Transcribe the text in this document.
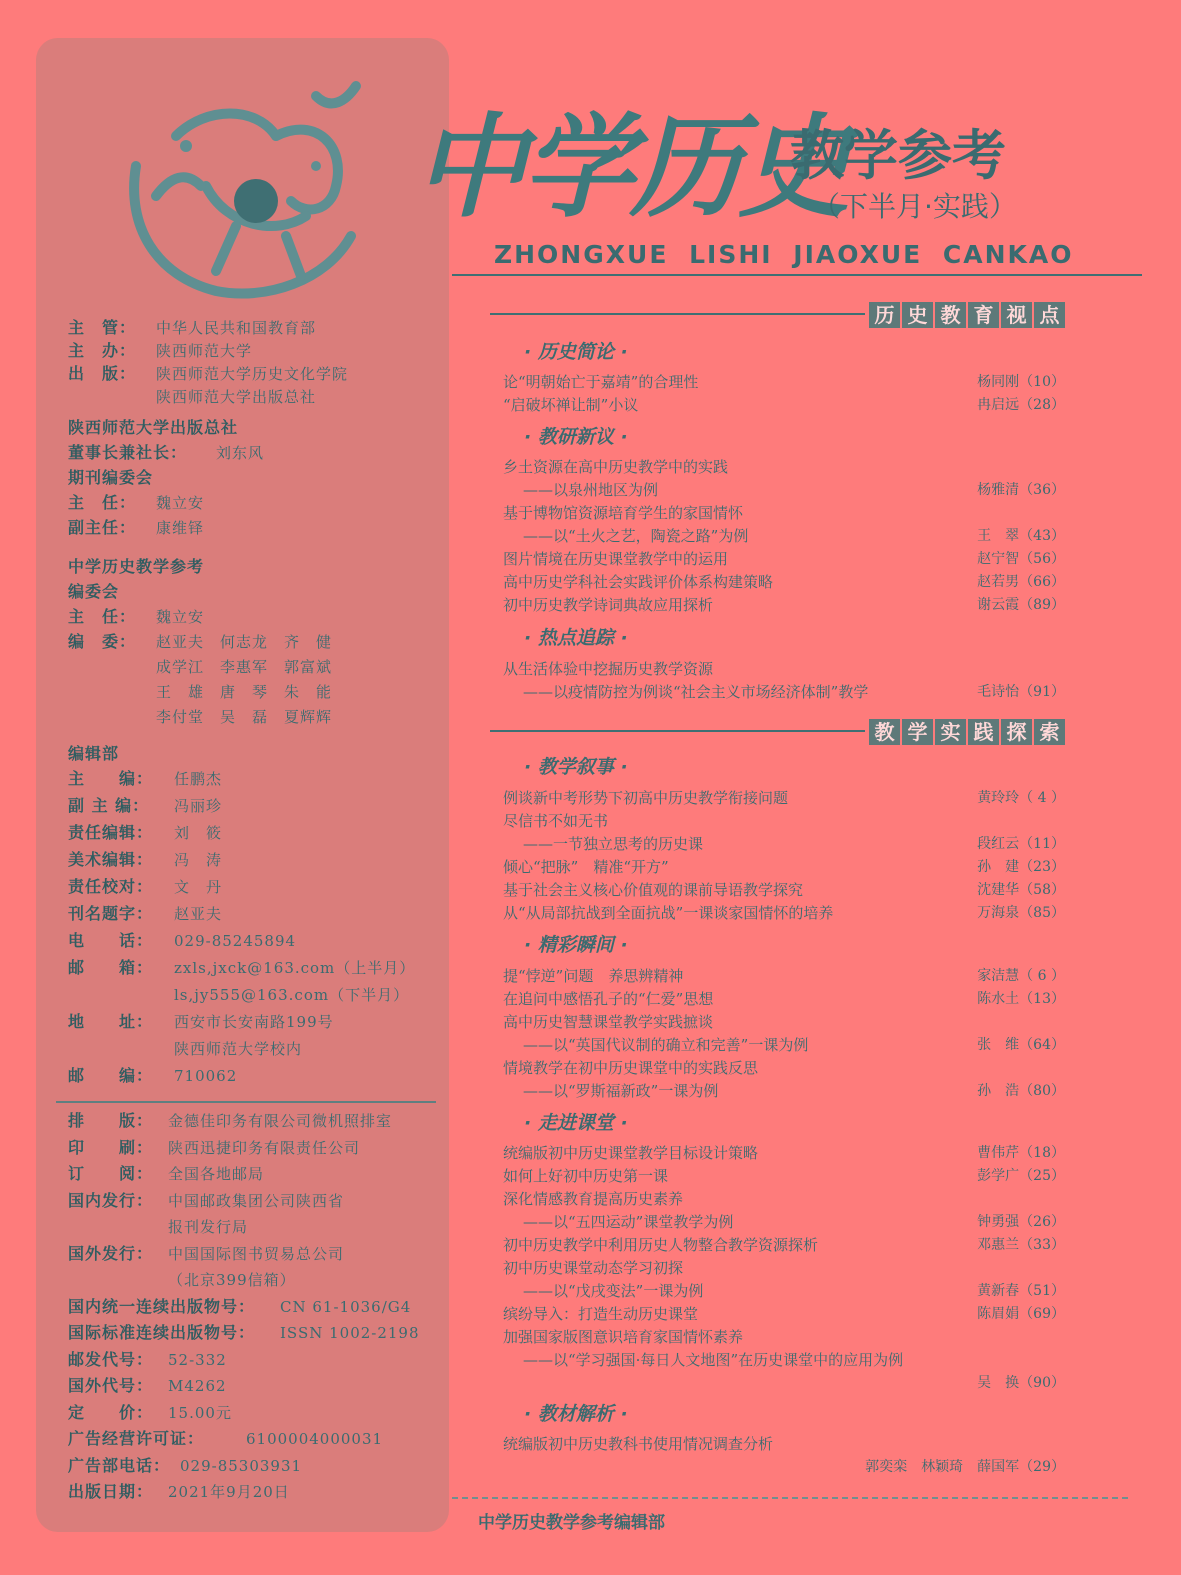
主　管： 中华人民共和国教育部
主　办： 陕西师范大学
出　版： 陕西师范大学历史文化学院
陕西师范大学出版总社
陕西师范大学出版总社
董事长兼社长： 刘东风
期刊编委会
主　任： 魏立安
副主任： 康维铎
中学历史教学参考
编委会
主　任： 魏立安
编　委： 赵亚夫　何志龙　齐　健
成学江　李惠军　郭富斌
王　雄　唐　琴　朱　能
李付堂　吴　磊　夏辉辉
编辑部
主　　编： 任鹏杰
副 主 编： 冯丽珍
责任编辑： 刘　筱
美术编辑： 冯　涛
责任校对： 文　丹
刊名题字： 赵亚夫
电　　话： 029-85245894
邮　　箱： zxls,jxck@163.com（上半月）
ls,jy555@163.com（下半月）
地　　址： 西安市长安南路199号
陕西师范大学校内
邮　　编： 710062
排　　版： 金德佳印务有限公司微机照排室
印　　刷： 陕西迅捷印务有限责任公司
订　　阅： 全国各地邮局
国内发行： 中国邮政集团公司陕西省
报刊发行局
国外发行： 中国国际图书贸易总公司
（北京399信箱）
国内统一连续出版物号： CN 61-1036/G4
国际标准连续出版物号： ISSN 1002-2198
邮发代号： 52-332
国外代号： M4262
定　　价： 15.00元
广告经营许可证：	6100004000031
广告部电话： 029-85303931
出版日期： 2021年9月20日
中学历史
教学参考
（下半月·实践）
ZHONGXUE LISHI JIAOXUE CANKAO
历 史 教 育 视 点
· 历史简论 ·
论“明朝始亡于嘉靖”的合理性	杨同刚（10）
“启破坏禅让制”小议	冉启远（28）
· 教研新议 ·
乡土资源在高中历史教学中的实践
——以泉州地区为例	杨雅清（36）
基于博物馆资源培育学生的家国情怀
——以“土火之艺，陶瓷之路”为例	王　翠（43）
图片情境在历史课堂教学中的运用	赵宁智（56）
高中历史学科社会实践评价体系构建策略	赵若男（66）
初中历史教学诗词典故应用探析	谢云霞（89）
· 热点追踪 ·
从生活体验中挖掘历史教学资源
——以疫情防控为例谈“社会主义市场经济体制”教学	毛诗怡（91）
教 学 实 践 探 索
· 教学叙事 ·
例谈新中考形势下初高中历史教学衔接问题	黄玲玲（ 4 ）
尽信书不如无书
——一节独立思考的历史课	段红云（11）
倾心“把脉”　精准“开方”	孙　建（23）
基于社会主义核心价值观的课前导语教学探究	沈建华（58）
从“从局部抗战到全面抗战”一课谈家国情怀的培养	万海泉（85）
· 精彩瞬间 ·
提“悖逆”问题　养思辨精神	家洁慧（ 6 ）
在追问中感悟孔子的“仁爱”思想	陈水土（13）
高中历史智慧课堂教学实践摭谈
——以“英国代议制的确立和完善”一课为例	张　维（64）
情境教学在初中历史课堂中的实践反思
——以“罗斯福新政”一课为例	孙　浩（80）
· 走进课堂 ·
统编版初中历史课堂教学目标设计策略	曹伟芹（18）
如何上好初中历史第一课	彭学广（25）
深化情感教育提高历史素养
——以“五四运动”课堂教学为例	钟勇强（26）
初中历史教学中利用历史人物整合教学资源探析	邓惠兰（33）
初中历史课堂动态学习初探
——以“戊戌变法”一课为例	黄新春（51）
缤纷导入：打造生动历史课堂	陈眉娟（69）
加强国家版图意识培育家国情怀素养
——以“学习强国·每日人文地图”在历史课堂中的应用为例
吴　换（90）
· 教材解析 ·
统编版初中历史教科书使用情况调查分析
郭奕栾　林颖琦　薛国军（29）
中学历史教学参考编辑部
